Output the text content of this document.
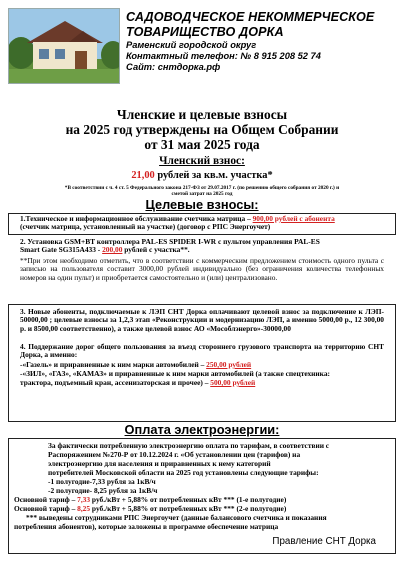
САДОВОДЧЕСКОЕ НЕКОММЕРЧЕСКОЕ
ТОВАРИЩЕСТВО ДОРКА
Раменский городской округ
Контактный телефон: № 8 915 208 52 74
Сайт: снтдорка.рф
Членские и целевые взносы
на 2025 год утверждены на Общем Собрании
от 31 мая 2025 года
Членский взнос:
21,00 рублей за кв.м. участка*
*В соответствии с ч. 4 ст. 5 Федерального закона 217-ФЗ от 29.07.2017 г. (по решению общего собрания от 2020 г.) и
сметой затрат на 2025 год
Целевые взносы:
1.Техническое и информационное обслуживание счетчика матрица – 900,00 рублей с абонента
(счетчик матрица, установленный на участке) (договор с РПС Энергоучет)
2. Установка GSM+BT контроллера PAL-ES SPIDER I-WR с пультом управления PAL-ES
Smart Gate SG315A433 - 200,00 рублей с участка**.
**При этом необходимо отметить, что в соответствии с коммерческим предложением стоимость одного пульта с записью на пользователя составит 3000,00 рублей индивидуально (без ограничения количества телефонных номеров на один пульт) и приобретается самостоятельно и (или) централизовано.
3. Новые абоненты, подключаемые к ЛЭП СНТ Дорка оплачивают целевой взнос за подключение к ЛЭП- 50000,00 ; целевые взносы за 1,2,3 этап «Реконструкции и модернизацию ЛЭП, а именно 5000,00 р., 12 300,00 р. и 8500,00 соответственно), а также целевой взнос АО «Мособлэнерго»-30000,00
4. Поддержание дорог общего пользования за въезд стороннего грузового транспорта на территорию СНТ Дорка, а именно:
-«Газель» и приравненные к ним марки автомобилей – 250,00 рублей
-«ЗИЛ», «ГАЗ», «КАМАЗ» и приравненные к ним марки автомобилей (а также спецтехника:
трактора, подъемный кран, ассенизаторская и прочее) – 500,00 рублей
Оплата электроэнергии:
За фактически потребленную электроэнергию оплата по тарифам, в соответствии с
Распоряжением №270-Р от 10.12.2024 г. «Об установлении цен (тарифов) на
электроэнергию для населения и приравненных к нему категорий
потребителей Московской области на 2025 год установлены следующие тарифы:
-1 полугодие-7,33 рубля за 1кВ/ч
-2 полугодие- 8,25 рубля за 1кВ/ч
Основной тариф – 7,33 руб./кВт + 5,88% от потребленных кВт *** (1-е полугодие)
Основной тариф – 8,25 руб./кВт + 5,88% от потребленных кВт *** (2-е полугодие)
*** выведены сотрудниками РПС Энергоучет (данные балансового счетчика и показания
потребления абонентов), которые заложены в программе обеспечение матрица
Правление СНТ Дорка
